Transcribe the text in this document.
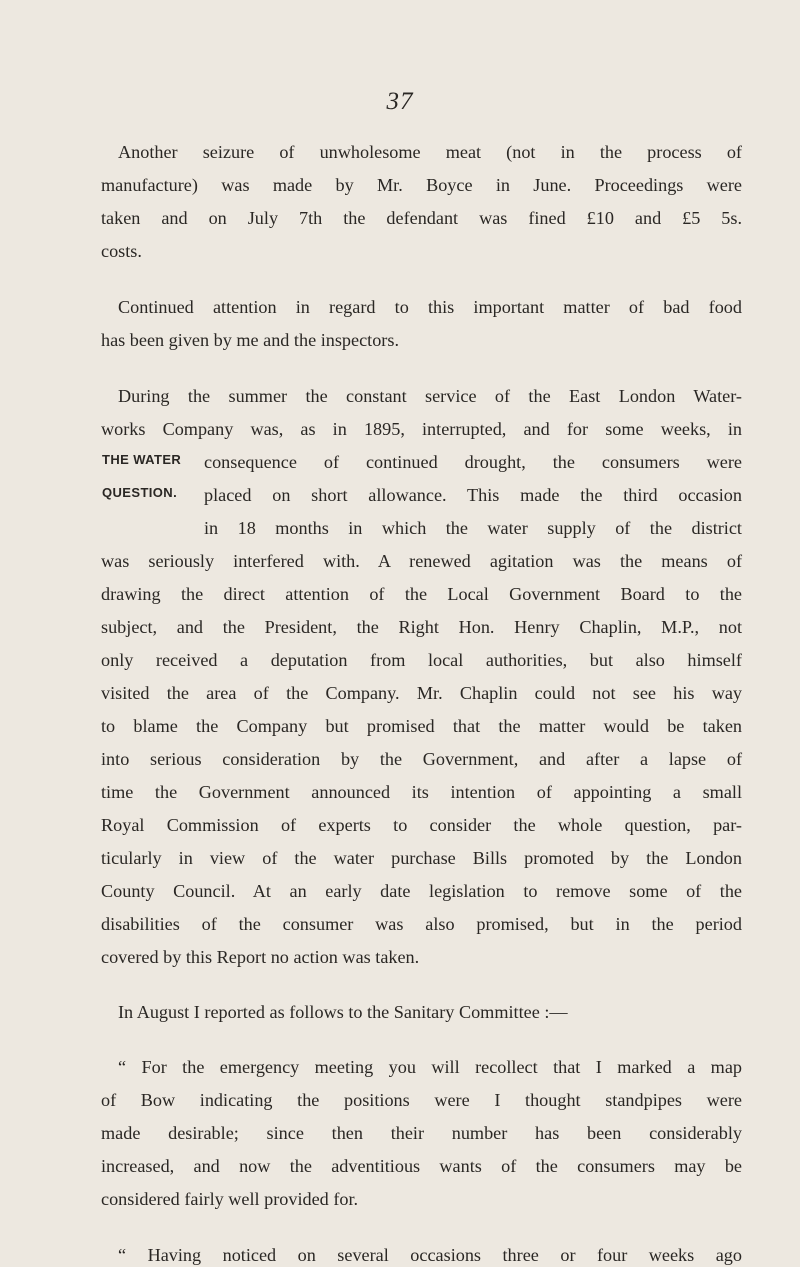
37
Another seizure of unwholesome meat (not in the process of
manufacture) was made by Mr. Boyce in June. Proceedings were
taken and on July 7th the defendant was fined £10 and £5 5s.
costs.
Continued attention in regard to this important matter of bad food
has been given by me and the inspectors.
THE WATER
QUESTION.
During the summer the constant service of the East London Water-
works Company was, as in 1895, interrupted, and for some weeks, in
consequence of continued drought, the consumers were
placed on short allowance. This made the third occasion
in 18 months in which the water supply of the district
was seriously interfered with. A renewed agitation was the means of
drawing the direct attention of the Local Government Board to the
subject, and the President, the Right Hon. Henry Chaplin, M.P., not
only received a deputation from local authorities, but also himself
visited the area of the Company. Mr. Chaplin could not see his way
to blame the Company but promised that the matter would be taken
into serious consideration by the Government, and after a lapse of
time the Government announced its intention of appointing a small
Royal Commission of experts to consider the whole question, par-
ticularly in view of the water purchase Bills promoted by the London
County Council. At an early date legislation to remove some of the
disabilities of the consumer was also promised, but in the period
covered by this Report no action was taken.
In August I reported as follows to the Sanitary Committee :—
“ For the emergency meeting you will recollect that I marked a map
of Bow indicating the positions were I thought standpipes were
made desirable; since then their number has been considerably
increased, and now the adventitious wants of the consumers may be
considered fairly well provided for.
“ Having noticed on several occasions three or four weeks ago
